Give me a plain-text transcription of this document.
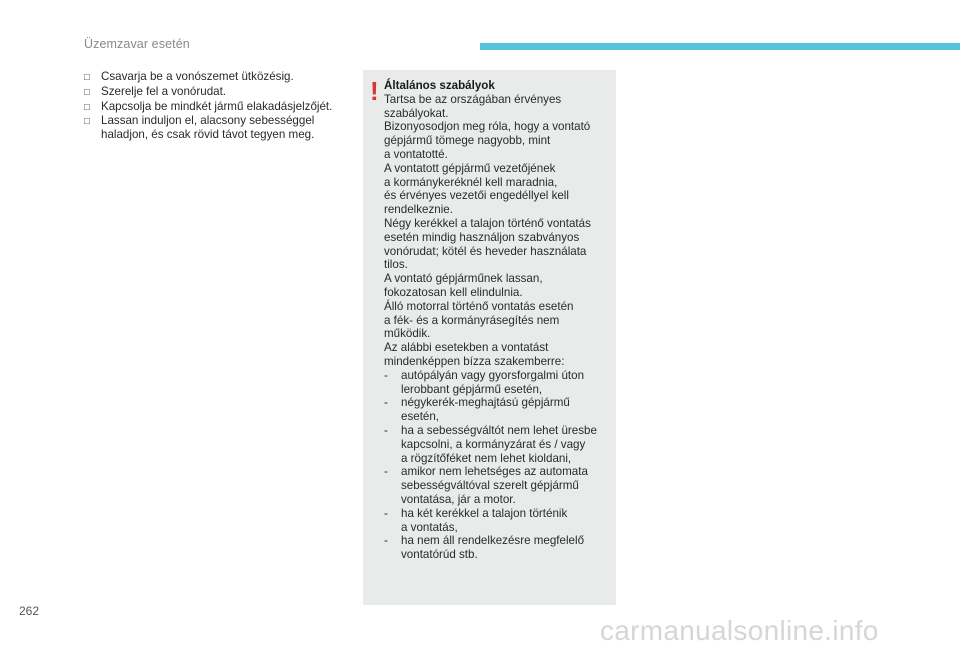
Üzemzavar esetén
□ Csavarja be a vonószemet ütközésig.
□ Szerelje fel a vonórudat.
□ Kapcsolja be mindkét jármű elakadásjelzőjét.
□ Lassan induljon el, alacsony sebességgel haladjon, és csak rövid távot tegyen meg.
! Általános szabályok
Tartsa be az országában érvényes
szabályokat.
Bizonyosodjon meg róla, hogy a vontató
gépjármű tömege nagyobb, mint
a vontatotté.
A vontatott gépjármű vezetőjének
a kormánykeréknél kell maradnia,
és érvényes vezetői engedéllyel kell
rendelkeznie.
Négy kerékkel a talajon történő vontatás
esetén mindig használjon szabványos
vonórudat; kötél és heveder használata
tilos.
A vontató gépjárműnek lassan,
fokozatosan kell elindulnia.
Álló motorral történő vontatás esetén
a fék- és a kormányrásegítés nem
működik.
Az alábbi esetekben a vontatást
mindenképpen bízza szakemberre:
-	autópályán vagy gyorsforgalmi úton
lerobbant gépjármű esetén,
-	négykerék-meghajtású gépjármű
esetén,
-	ha a sebességváltót nem lehet üresbe
kapcsolni, a kormányzárat és / vagy
a rögzítőféket nem lehet kioldani,
-	amikor nem lehetséges az automata
sebességváltóval szerelt gépjármű
vontatása, jár a motor.
-	ha két kerékkel a talajon történik
a vontatás,
-	ha nem áll rendelkezésre megfelelő
vontatórúd stb.
262
carmanualsonline.info
